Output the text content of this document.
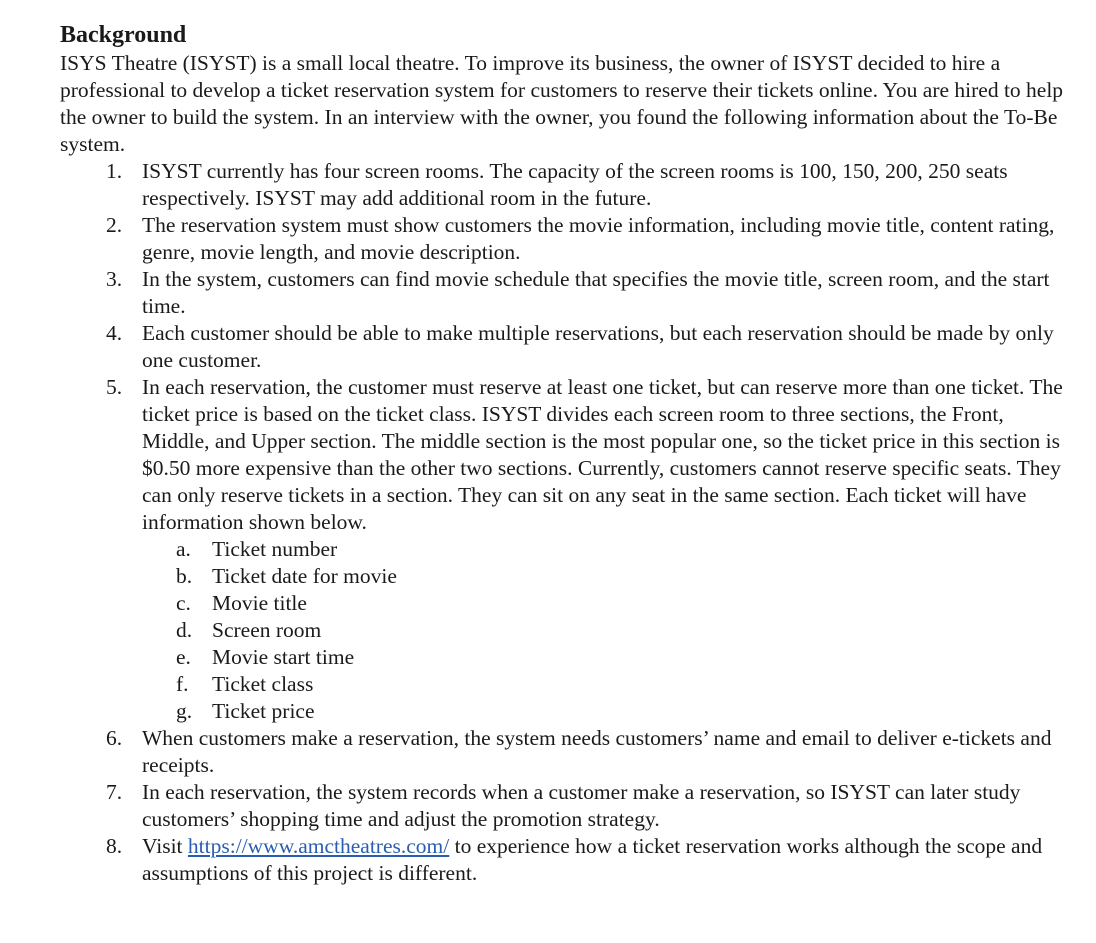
Background

ISYS Theatre (ISYST) is a small local theatre. To improve its business, the owner of ISYST decided to hire a professional to develop a ticket reservation system for customers to reserve their tickets online. You are hired to help the owner to build the system. In an interview with the owner, you found the following information about the To-Be system.

1. ISYST currently has four screen rooms. The capacity of the screen rooms is 100, 150, 200, 250 seats respectively. ISYST may add additional room in the future.
2. The reservation system must show customers the movie information, including movie title, content rating, genre, movie length, and movie description.
3. In the system, customers can find movie schedule that specifies the movie title, screen room, and the start time.
4. Each customer should be able to make multiple reservations, but each reservation should be made by only one customer.
5. In each reservation, the customer must reserve at least one ticket, but can reserve more than one ticket. The ticket price is based on the ticket class. ISYST divides each screen room to three sections, the Front, Middle, and Upper section. The middle section is the most popular one, so the ticket price in this section is $0.50 more expensive than the other two sections. Currently, customers cannot reserve specific seats. They can only reserve tickets in a section. They can sit on any seat in the same section. Each ticket will have information shown below.
a. Ticket number
b. Ticket date for movie
c. Movie title
d. Screen room
e. Movie start time
f. Ticket class
g. Ticket price
6. When customers make a reservation, the system needs customers’ name and email to deliver e-tickets and receipts.
7. In each reservation, the system records when a customer make a reservation, so ISYST can later study customers’ shopping time and adjust the promotion strategy.
8. Visit https://www.amctheatres.com/ to experience how a ticket reservation works although the scope and assumptions of this project is different.
